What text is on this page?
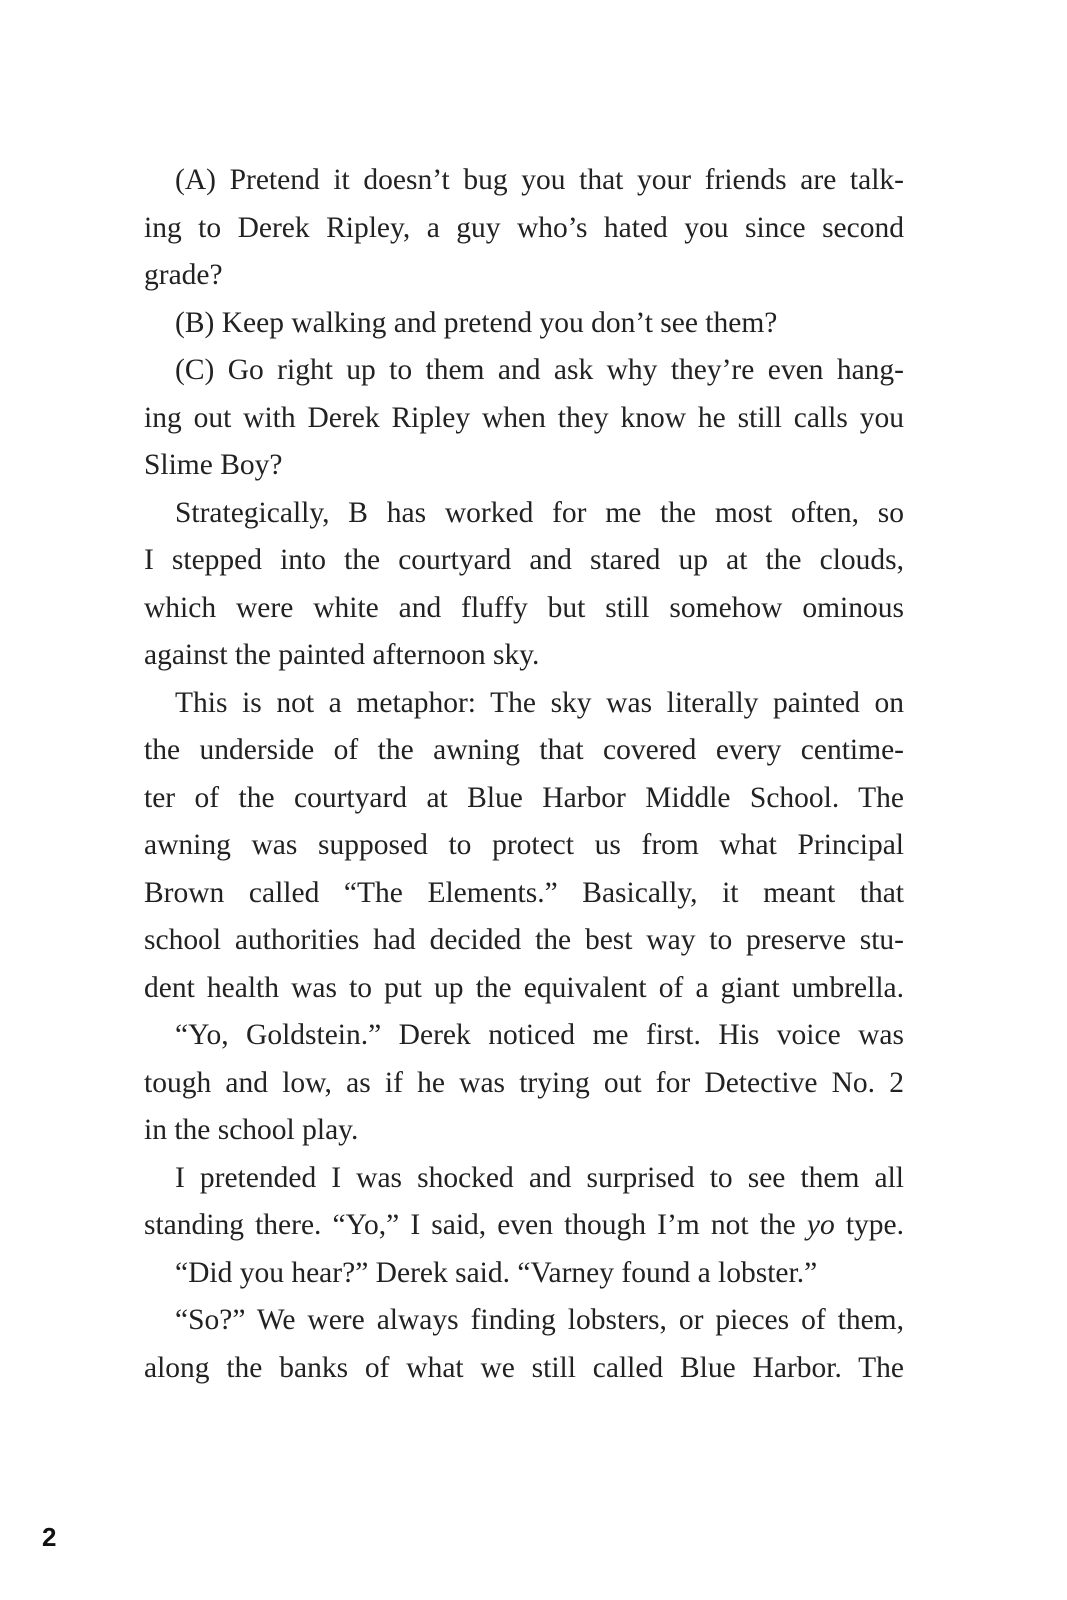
(A) Pretend it doesn’t bug you that your friends are talk-
ing to Derek Ripley, a guy who’s hated you since second
grade?
(B) Keep walking and pretend you don’t see them?
(C) Go right up to them and ask why they’re even hang-
ing out with Derek Ripley when they know he still calls you
Slime Boy?
Strategically, B has worked for me the most often, so
I stepped into the courtyard and stared up at the clouds,
which were white and fluffy but still somehow ominous
against the painted afternoon sky.
This is not a metaphor: The sky was literally painted on
the underside of the awning that covered every centime-
ter of the courtyard at Blue Harbor Middle School. The
awning was supposed to protect us from what Principal
Brown called “The Elements.” Basically, it meant that
school authorities had decided the best way to preserve stu-
dent health was to put up the equivalent of a giant umbrella.
“Yo, Goldstein.” Derek noticed me first. His voice was
tough and low, as if he was trying out for Detective No. 2
in the school play.
I pretended I was shocked and surprised to see them all
standing there. “Yo,” I said, even though I’m not the yo type.
“Did you hear?” Derek said. “Varney found a lobster.”
“So?” We were always finding lobsters, or pieces of them,
along the banks of what we still called Blue Harbor. The
2
